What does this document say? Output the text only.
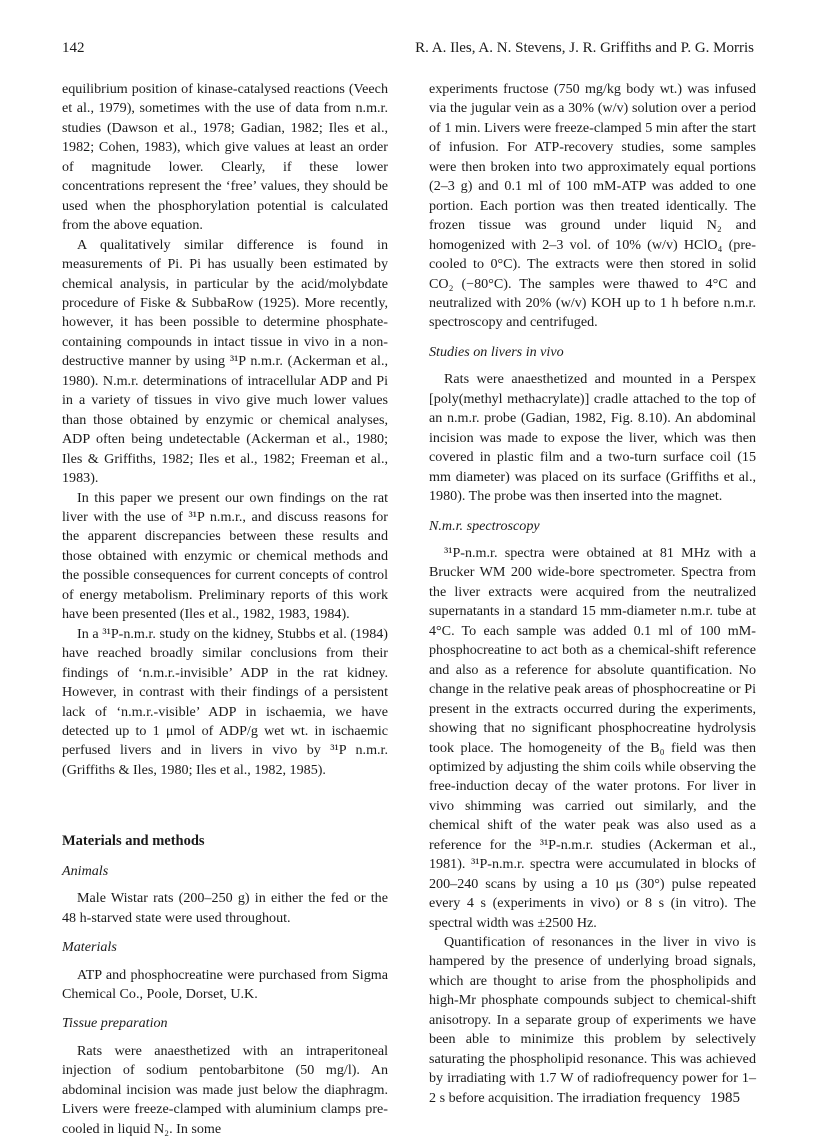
142	R. A. Iles, A. N. Stevens, J. R. Griffiths and P. G. Morris

equilibrium position of kinase-catalysed reactions (Veech et al., 1979), sometimes with the use of data from n.m.r. studies (Dawson et al., 1978; Gadian, 1982; Iles et al., 1982; Cohen, 1983), which give values at least an order of magnitude lower. Clearly, if these lower concentrations represent the ‘free’ values, they should be used when the phosphorylation potential is calculated from the above equation.

A qualitatively similar difference is found in measurements of Pi. Pi has usually been estimated by chemical analysis, in particular by the acid/molybdate procedure of Fiske & SubbaRow (1925). More recently, however, it has been possible to determine phosphate-containing compounds in intact tissue in vivo in a non-destructive manner by using ³¹P n.m.r. (Ackerman et al., 1980). N.m.r. determinations of intracellular ADP and Pi in a variety of tissues in vivo give much lower values than those obtained by enzymic or chemical analyses, ADP often being undetectable (Ackerman et al., 1980; Iles & Griffiths, 1982; Iles et al., 1982; Freeman et al., 1983).

In this paper we present our own findings on the rat liver with the use of ³¹P n.m.r., and discuss reasons for the apparent discrepancies between these results and those obtained with enzymic or chemical methods and the possible consequences for current concepts of control of energy metabolism. Preliminary reports of this work have been presented (Iles et al., 1982, 1983, 1984).

In a ³¹P-n.m.r. study on the kidney, Stubbs et al. (1984) have reached broadly similar conclusions from their findings of ‘n.m.r.-invisible’ ADP in the rat kidney. However, in contrast with their findings of a persistent lack of ‘n.m.r.-visible’ ADP in ischaemia, we have detected up to 1 μmol of ADP/g wet wt. in ischaemic perfused livers and in livers in vivo by ³¹P n.m.r. (Griffiths & Iles, 1980; Iles et al., 1982, 1985).

Materials and methods
Animals

Male Wistar rats (200–250 g) in either the fed or the 48 h-starved state were used throughout.

Materials

ATP and phosphocreatine were purchased from Sigma Chemical Co., Poole, Dorset, U.K.

Tissue preparation

Rats were anaesthetized with an intraperitoneal injection of sodium pentobarbitone (50 mg/l). An abdominal incision was made just below the diaphragm. Livers were freeze-clamped with aluminium clamps pre-cooled in liquid N₂. In some

experiments fructose (750 mg/kg body wt.) was infused via the jugular vein as a 30% (w/v) solution over a period of 1 min. Livers were freeze-clamped 5 min after the start of infusion. For ATP-recovery studies, some samples were then broken into two approximately equal portions (2–3 g) and 0.1 ml of 100 mM-ATP was added to one portion. Each portion was then treated identically. The frozen tissue was ground under liquid N₂ and homogenized with 2–3 vol. of 10% (w/v) HClO₄ (pre-cooled to 0°C). The extracts were then stored in solid CO₂ (−80°C). The samples were thawed to 4°C and neutralized with 20% (w/v) KOH up to 1 h before n.m.r. spectroscopy and centrifuged.

Studies on livers in vivo

Rats were anaesthetized and mounted in a Perspex [poly(methyl methacrylate)] cradle attached to the top of an n.m.r. probe (Gadian, 1982, Fig. 8.10). An abdominal incision was made to expose the liver, which was then covered in plastic film and a two-turn surface coil (15 mm diameter) was placed on its surface (Griffiths et al., 1980). The probe was then inserted into the magnet.

N.m.r. spectroscopy

³¹P-n.m.r. spectra were obtained at 81 MHz with a Brucker WM 200 wide-bore spectrometer. Spectra from the liver extracts were acquired from the neutralized supernatants in a standard 15 mm-diameter n.m.r. tube at 4°C. To each sample was added 0.1 ml of 100 mM-phosphocreatine to act both as a chemical-shift reference and also as a reference for absolute quantification. No change in the relative peak areas of phosphocreatine or Pi present in the extracts occurred during the experiments, showing that no significant phosphocreatine hydrolysis took place. The homogeneity of the B₀ field was then optimized by adjusting the shim coils while observing the free-induction decay of the water protons. For liver in vivo shimming was carried out similarly, and the chemical shift of the water peak was also used as a reference for the ³¹P-n.m.r. studies (Ackerman et al., 1981). ³¹P-n.m.r. spectra were accumulated in blocks of 200–240 scans by using a 10 μs (30°) pulse repeated every 4 s (experiments in vivo) or 8 s (in vitro). The spectral width was ±2500 Hz.

Quantification of resonances in the liver in vivo is hampered by the presence of underlying broad signals, which are thought to arise from the phospholipids and high-Mr phosphate compounds subject to chemical-shift anisotropy. In a separate group of experiments we have been able to minimize this problem by selectively saturating the phospholipid resonance. This was achieved by irradiating with 1.7 W of radiofrequency power for 1–2 s before acquisition. The irradiation frequency 1985
